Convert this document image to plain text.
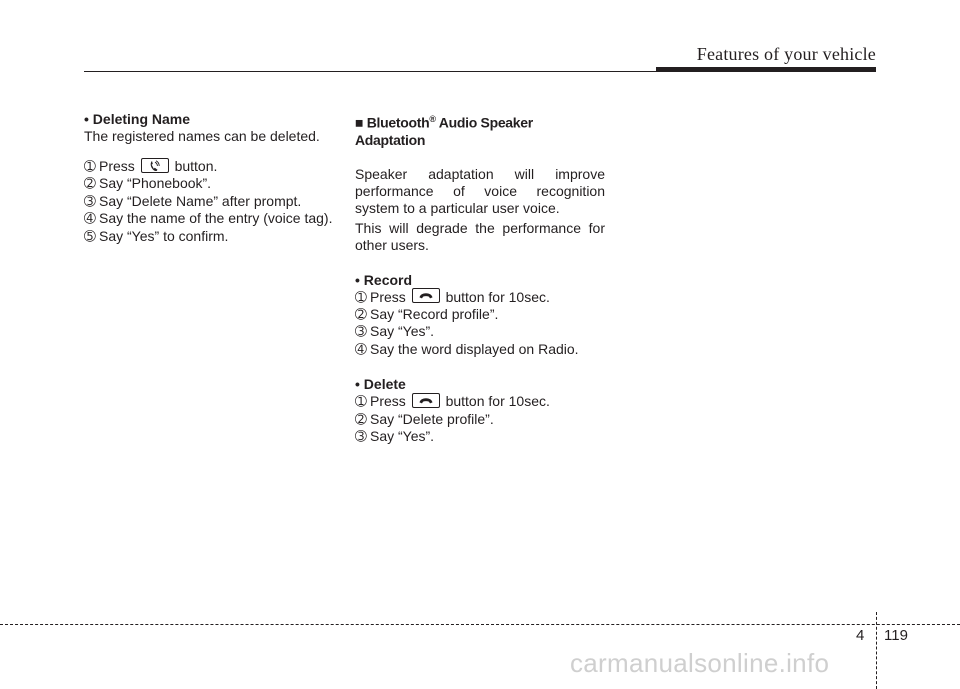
Features of your vehicle

• Deleting Name

The registered names can be deleted.

➀ Press	button.
➁ Say “Phonebook”.
➂ Say “Delete Name” after prompt.
➃ Say the name of the entry (voice tag).
➄ Say “Yes” to confirm.

■ Bluetooth® Audio Speaker Adaptation

Speaker adaptation will improve performance of voice recognition system to a particular user voice.

This will degrade the performance for other users.

• Record

➀ Press	button for 10sec.
➁ Say “Record profile”.
➂ Say “Yes”.
➃ Say the word displayed on Radio.

• Delete

➀ Press	button for 10sec.
➁ Say “Delete profile”.
➂ Say “Yes”.
4 119
carmanualsonline.info
